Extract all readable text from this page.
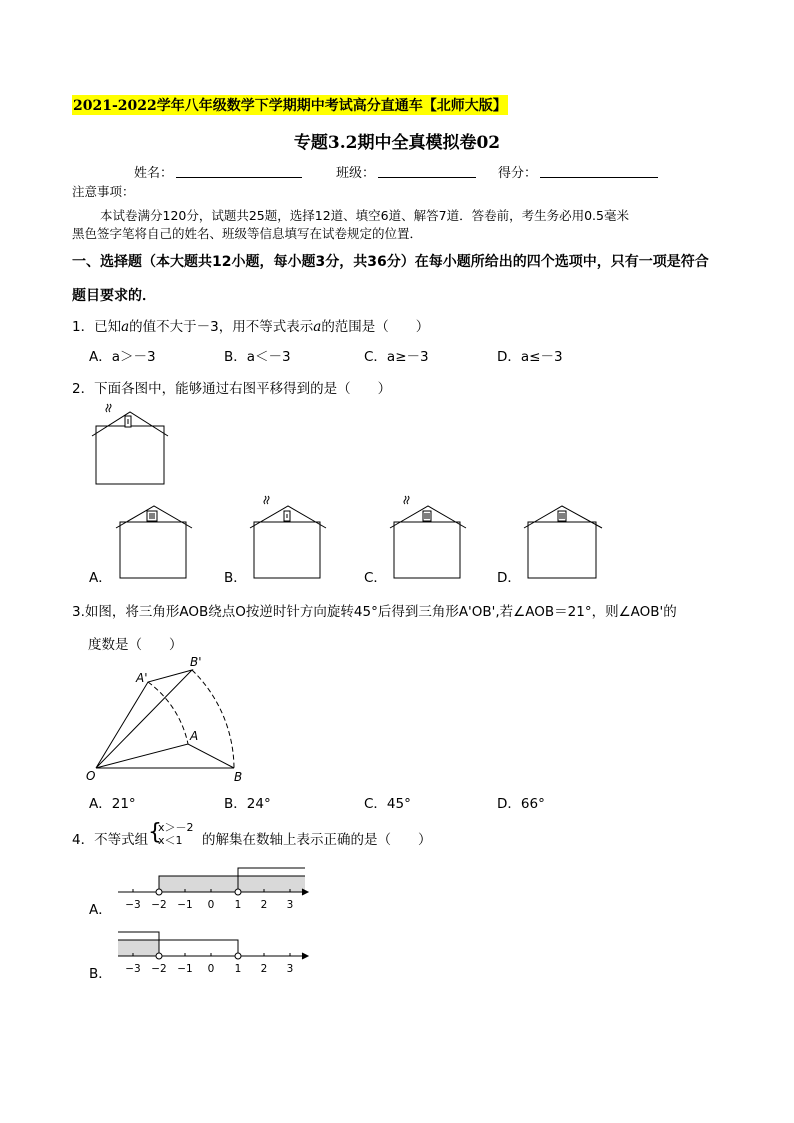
2021-2022学年八年级数学下学期期中考试高分直通车【北师大版】
专题3.2期中全真模拟卷02
姓名：	班级：	得分：
注意事项：
本试卷满分120分，试题共25题，选择12道、填空6道、解答7道．答卷前，考生务必用0.5毫米
黑色签字笔将自己的姓名、班级等信息填写在试卷规定的位置．
一、选择题（本大题共12小题，每小题3分，共36分）在每小题所给出的四个选项中，只有一项是符合
题目要求的．
1．已知a的值不大于－3，用不等式表示a的范围是（　　）
A．a＞－3	B．a＜－3	C．a≥－3	D．a≤－3
2．下面各图中，能够通过右图平移得到的是（　　）
A．	B．	C．	D．
3.如图，将三角形AOB绕点O按逆时针方向旋转45°后得到三角形A'OB',若∠AOB＝21°，则∠AOB'的
度数是（　　）
O	B
A
A'
B'
A．21°	B．24°	C．45°	D．66°
4．不等式组 {
x＞－2
x＜1	的解集在数轴上表示正确的是（　　）
−3 −2 −1 0 1 2 3
A．
−3 −2 −1 0 1 2 3
B．
